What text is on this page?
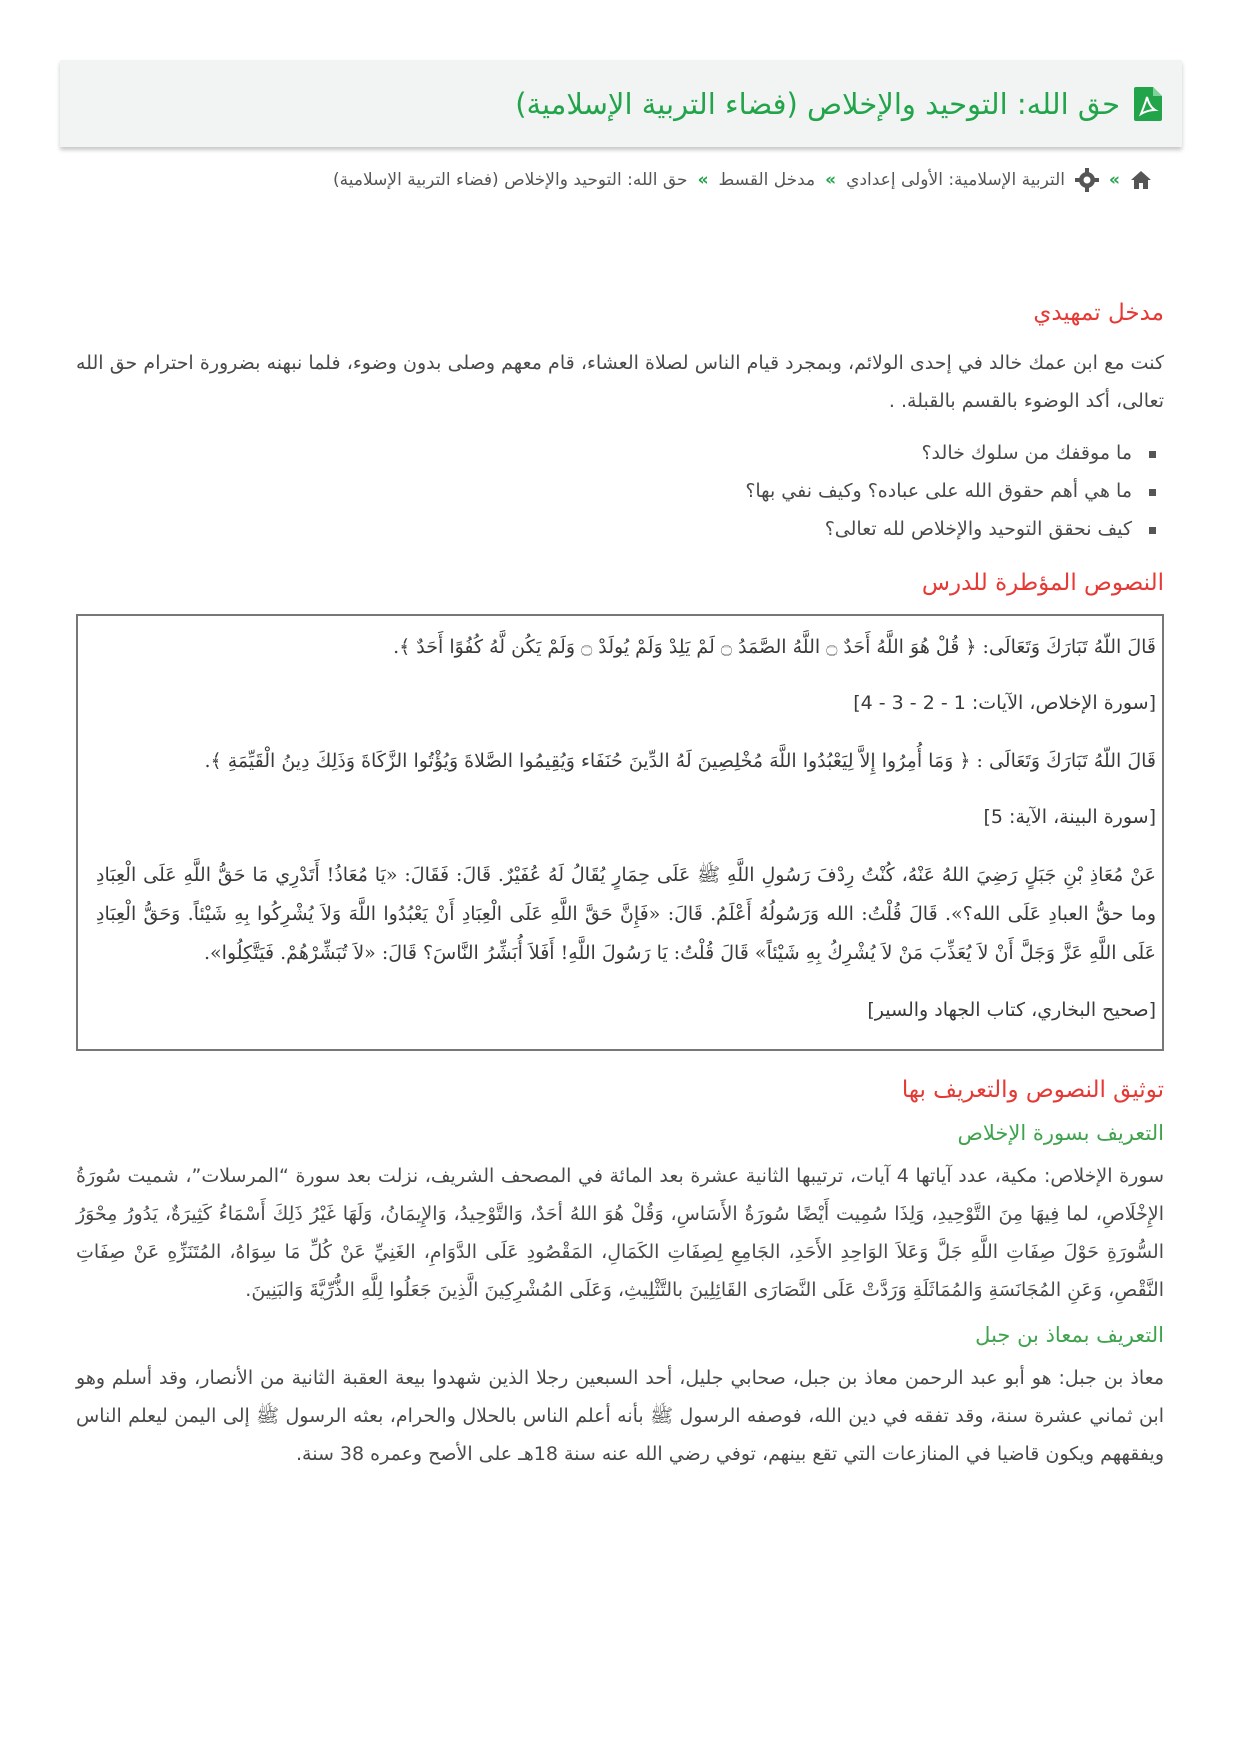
حق الله: التوحيد والإخلاص (فضاء التربية الإسلامية)
»
التربية الإسلامية: الأولى إعدادي
»
مدخل القسط
»
حق الله: التوحيد والإخلاص (فضاء التربية الإسلامية)
مدخل تمهيدي

كنت مع ابن عمك خالد في إحدى الولائم، وبمجرد قيام الناس لصلاة العشاء، قام معهم وصلى بدون وضوء، فلما نبهنه بضرورة احترام حق الله تعالى، أكد الوضوء بالقسم بالقبلة. .

ما موقفك من سلوك خالد؟
ما هي أهم حقوق الله على عباده؟ وكيف نفي بها؟
كيف نحقق التوحيد والإخلاص لله تعالى؟
النصوص المؤطرة للدرس

قَالَ اللّهُ تَبَارَكَ وَتَعَالَى: ﴿ قُلْ هُوَ اللَّهُ أَحَدٌ ۝ اللَّهُ الصَّمَدُ ۝ لَمْ يَلِدْ وَلَمْ يُولَدْ ۝ وَلَمْ يَكُن لَّهُ كُفُوًا أَحَدٌ ﴾.

[سورة الإخلاص، الآيات: 1 - 2 - 3 - 4]

قَالَ اللّهُ تَبَارَكَ وَتَعَالَى : ﴿ وَمَا أُمِرُوا إِلاَّ لِيَعْبُدُوا اللَّهَ مُخْلِصِينَ لَهُ الدِّينَ حُنَفَاء وَيُقِيمُوا الصَّلاةَ وَيُؤْتُوا الزَّكَاةَ وَذَلِكَ دِينُ الْقَيِّمَةِ ﴾.

[سورة البينة، الآية: 5]

عَنْ مُعَاذِ بْنِ جَبَلٍ رَضِيَ اللهُ عَنْهُ، كُنْتُ رِدْفَ رَسُولِ اللَّهِ ﷺ عَلَى حِمَارٍ يُقَالُ لَهُ عُفَيْرٌ. قَالَ: فَقَالَ: «يَا مُعَاذُ! أَتَدْرِي مَا حَقُّ اللَّهِ عَلَى الْعِبَادِ وما حقُّ العبادِ عَلَى الله؟». قَالَ قُلْتُ: الله وَرَسُولُهُ أَعْلَمُ. قَالَ: «فَإِنَّ حَقَّ اللَّهِ عَلَى الْعِبَادِ أَنْ يَعْبُدُوا اللَّهَ وَلاَ يُشْرِكُوا بِهِ شَيْئاً. وَحَقُّ الْعِبَادِ عَلَى اللَّهِ عَزَّ وَجَلَّ أَنْ لاَ يُعَذِّبَ مَنْ لاَ يُشْرِكُ بِهِ شَيْئاً» قَالَ قُلْتُ: يَا رَسُولَ اللَّهِ! أَفَلاَ أُبَشِّرُ النَّاسَ؟ قَالَ: «لاَ تُبَشِّرْهُمْ. فَيَتَّكِلُوا».

[صحيح البخاري، كتاب الجهاد والسير]

توثيق النصوص والتعريف بها
التعريف بسورة الإخلاص

سورة الإخلاص: مكية، عدد آياتها 4 آيات، ترتيبها الثانية عشرة بعد المائة في المصحف الشريف، نزلت بعد سورة “المرسلات”، شميت سُورَةُ الإِخْلَاصِ، لما فِيهَا مِنَ التَّوْحِيدِ، وَلِذَا سُمِيت أَيْضًا سُورَةُ الأَسَاسِ، وَقُلْ هُوَ اللهُ أحَدٌ، وَالتَّوْحِيدُ، وَالإِيمَانُ، وَلَهَا غَيْرُ ذَلِكَ أَسْمَاءُ كَثِيرَةٌ، يَدُورُ مِحْوَرُ السُّورَةِ حَوْلَ صِفَاتِ اللَّهِ جَلَّ وَعَلاَ الوَاحِدِ الأَحَدِ، الجَامِعِ لِصِفَاتِ الكَمَالِ، المَقْصُودِ عَلَى الدَّوَامِ، الغَنِيِّ عَنْ كُلِّ مَا سِوَاهُ، المُتَنَزِّهِ عَنْ صِفَاتِ النَّقْصِ، وَعَنِ المُجَانَسَةِ وَالمُمَاثَلَةِ وَرَدَّتْ عَلَى النَّصَارَى القَائِلِينَ بالتَّثْلِيثِ، وَعَلَى المُشْرِكِينَ الَّذِينَ جَعَلُوا لِلَّهِ الذُّرِّيَّةَ وَالبَنِينَ.

التعريف بمعاذ بن جبل

معاذ بن جبل: هو أبو عبد الرحمن معاذ بن جبل، صحابي جليل، أحد السبعين رجلا الذين شهدوا بيعة العقبة الثانية من الأنصار، وقد أسلم وهو ابن ثماني عشرة سنة، وقد تفقه في دين الله، فوصفه الرسول ﷺ بأنه أعلم الناس بالحلال والحرام، بعثه الرسول ﷺ إلى اليمن ليعلم الناس ويفقههم ويكون قاضيا في المنازعات التي تقع بينهم، توفي رضي الله عنه سنة 18هـ على الأصح وعمره 38 سنة.
